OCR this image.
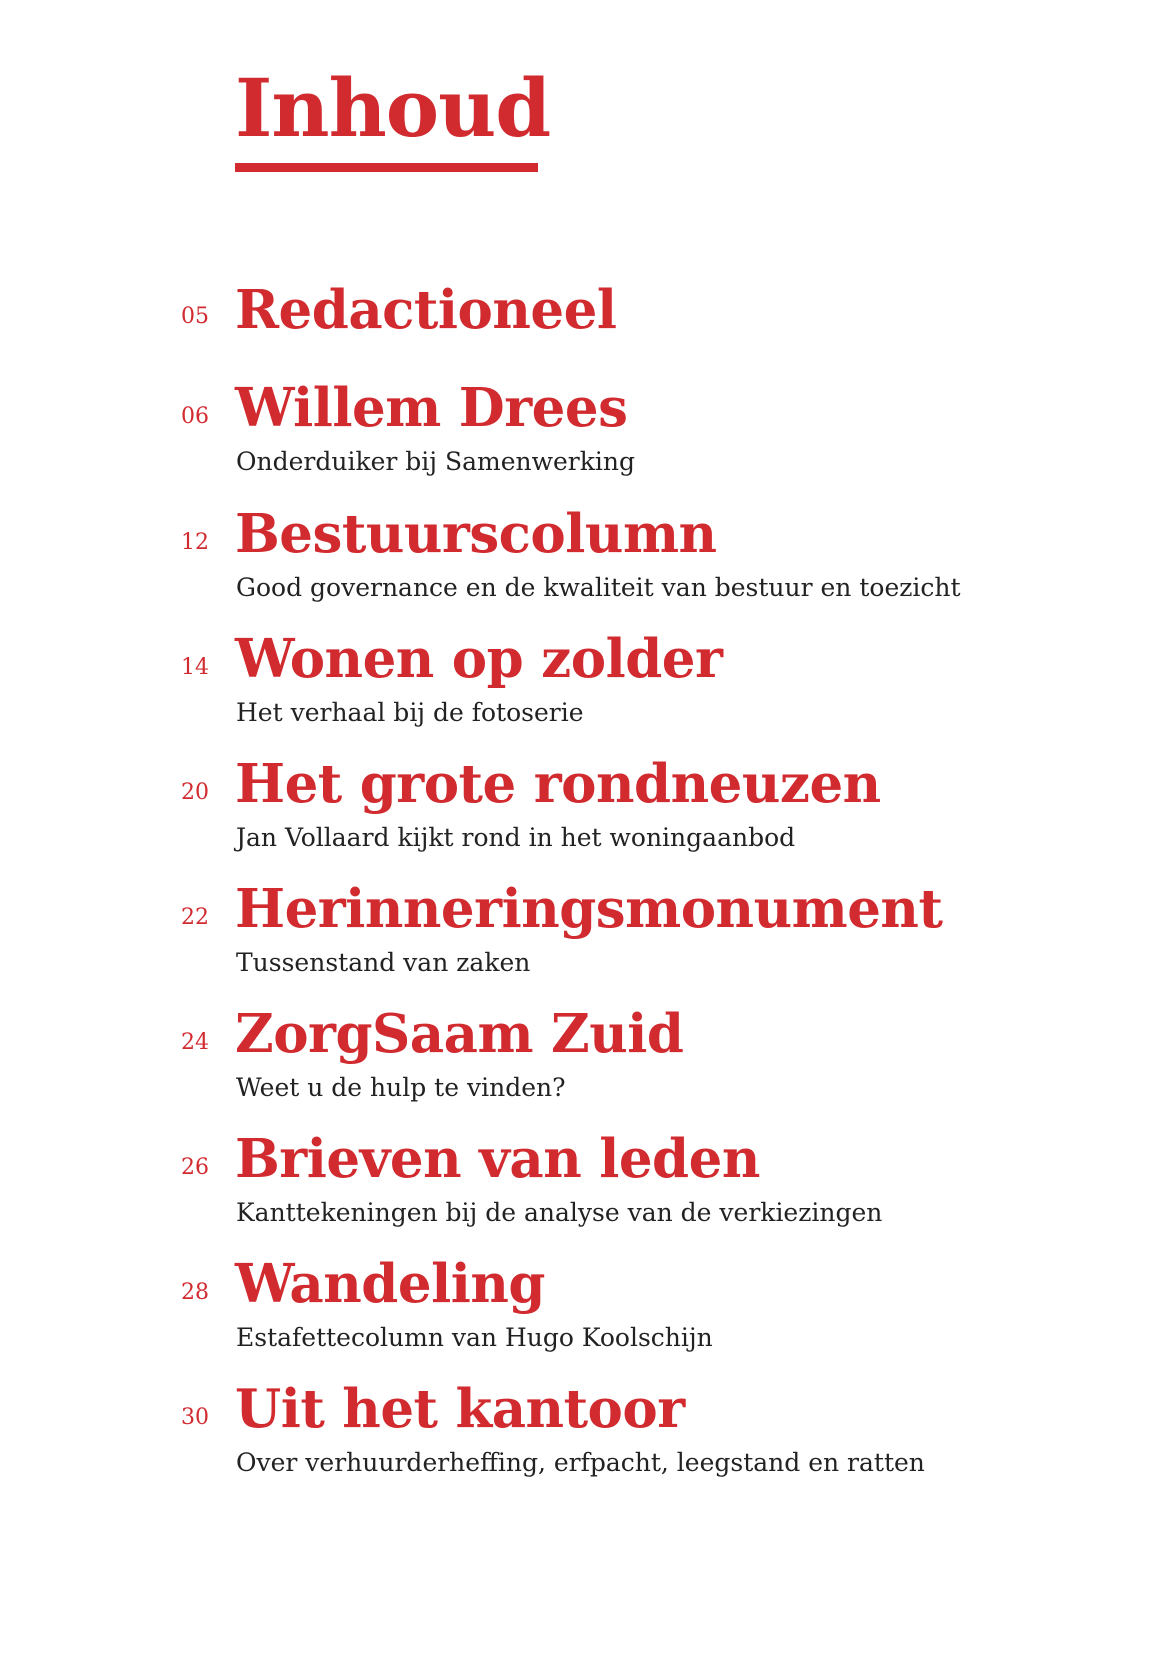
Inhoud
05 Redactioneel
06 Willem Drees
Onderduiker bij Samenwerking
12 Bestuurscolumn
Good governance en de kwaliteit van bestuur en toezicht
14 Wonen op zolder
Het verhaal bij de fotoserie
20 Het grote rondneuzen
Jan Vollaard kijkt rond in het woningaanbod
22 Herinneringsmonument
Tussenstand van zaken
24 ZorgSaam Zuid
Weet u de hulp te vinden?
26 Brieven van leden
Kanttekeningen bij de analyse van de verkiezingen
28 Wandeling
Estafettecolumn van Hugo Koolschijn
30 Uit het kantoor
Over verhuurderheffing, erfpacht, leegstand en ratten
